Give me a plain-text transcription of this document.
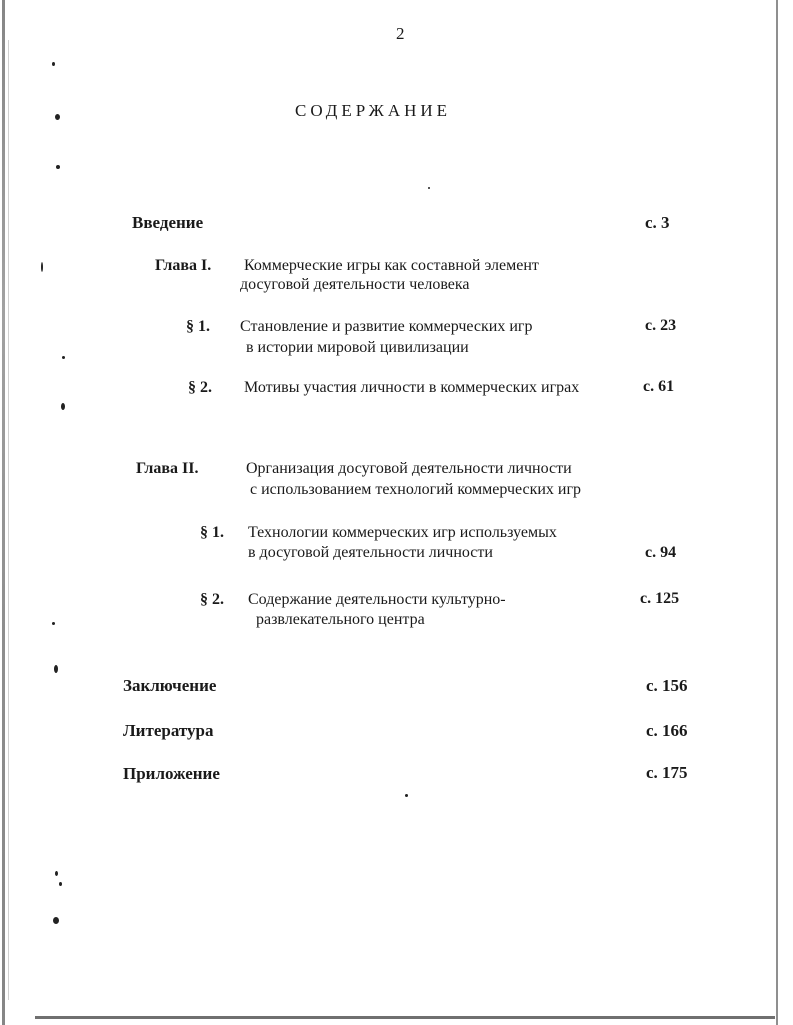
2
СОДЕРЖАНИЕ
Введение	с. 3
Глава I. Коммерческие игры как составной элемент
досуговой деятельности человека
§ 1. Становление и развитие коммерческих игр
в истории мировой цивилизации
с. 23
§ 2. Мотивы участия личности в коммерческих играх	с. 61
Глава II.	Организация досуговой деятельности личности
с использованием технологий коммерческих игр
§ 1. Технологии коммерческих игр используемых
в досуговой деятельности личности	с. 94
§ 2. Содержание деятельности культурно-
развлекательного центра
с. 125
Заключение	с. 156
Литература	с. 166
Приложение	с. 175
